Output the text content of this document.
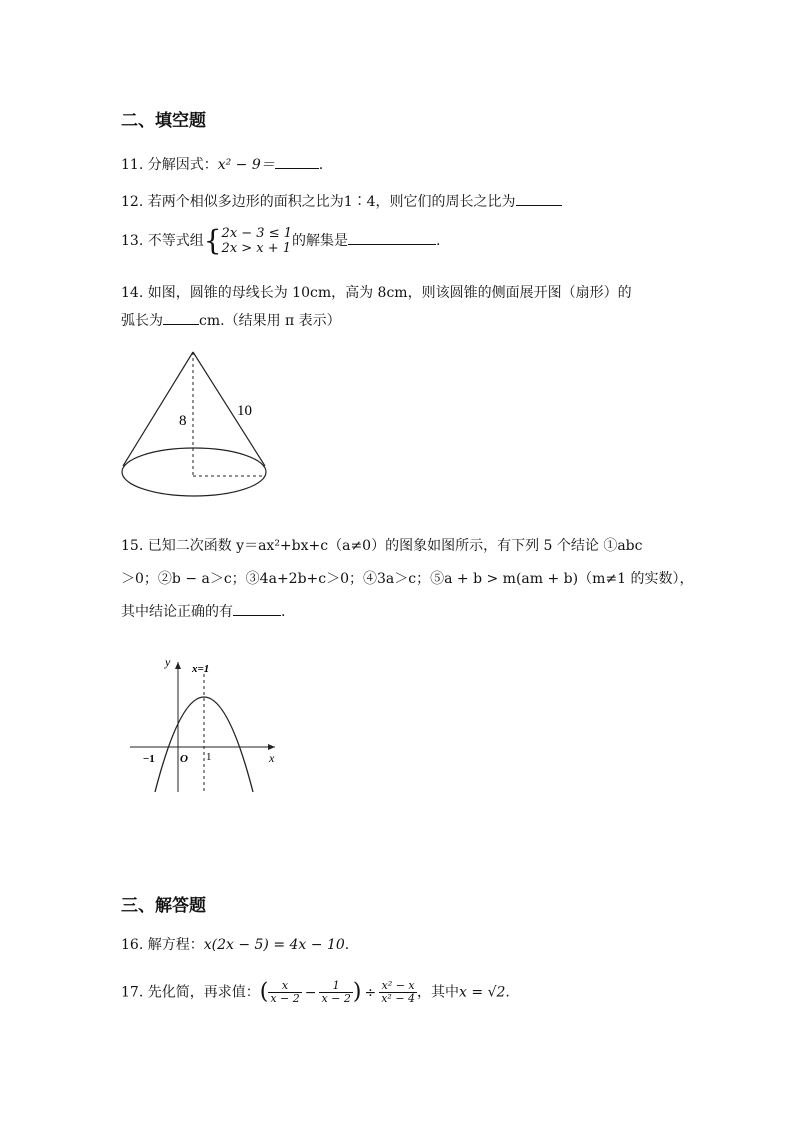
二、填空题
11. 分解因式：x² − 9＝	.
12. 若两个相似多边形的面积之比为1∶4，则它们的周长之比为
13. 不等式组{ 2x − 3 ≤ 1
2x > x + 1 的解集是	.
14. 如图，圆锥的母线长为 10cm，高为 8cm，则该圆锥的侧面展开图（扇形）的
弧长为	cm.（结果用 π 表示）
8
10
15. 已知二次函数 y＝ax²+bx+c（a≠0）的图象如图所示，有下列 5 个结论 ①abc
＞0；②b − a＞c；③4a+2b+c＞0；④3a＞c；⑤a + b > m(am + b)（m≠1 的实数），
其中结论正确的有	.
y
x
x=1
O
−1	1
三、解答题
16. 解方程：x(2x − 5) = 4x − 10.
17. 先化简，再求值：( $\frac{x}{x - 2} - \frac{1}{x - 2}$ ) ÷ $\frac{\text{x² − x}}{\text{x² − 4}}$ ，其中x = √2.
